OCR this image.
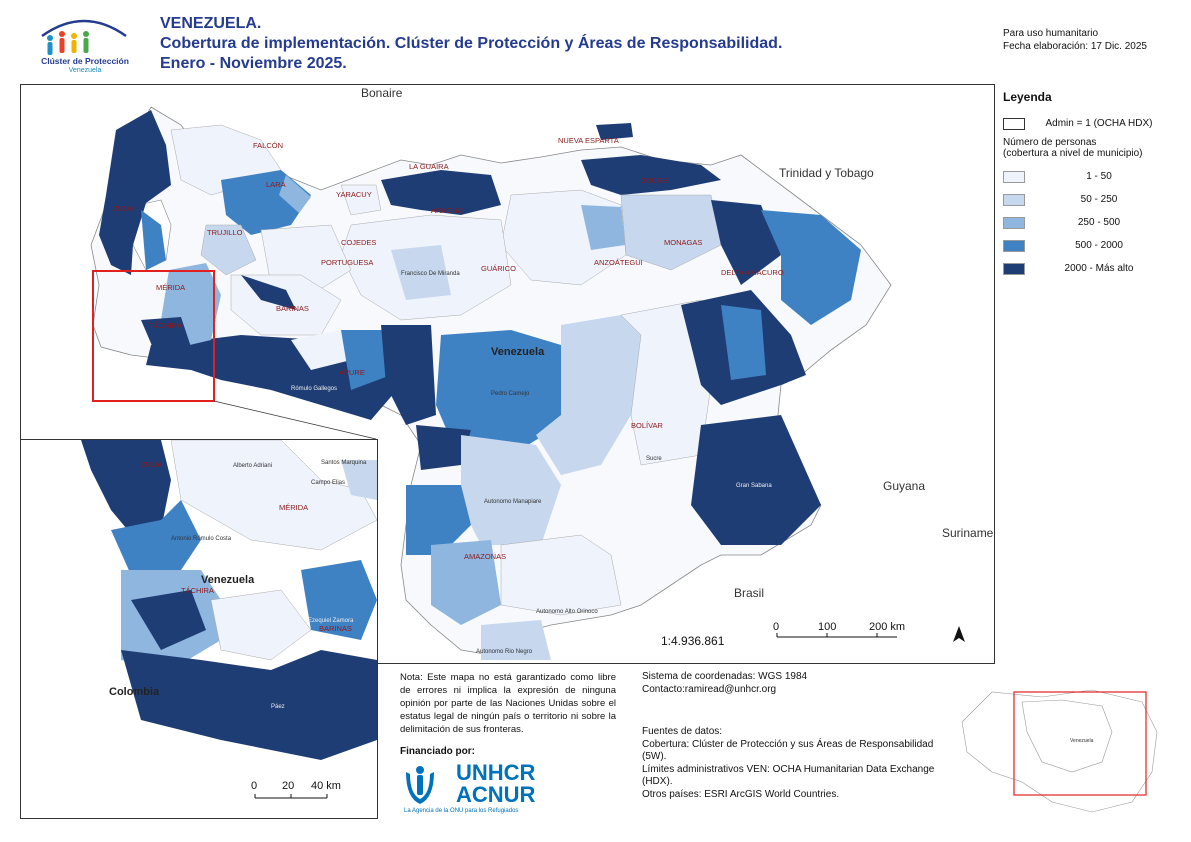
Clúster de Protección
Venezuela
VENEZUELA.
Cobertura de implementación. Clúster de Protección y Áreas de Responsabilidad.
Enero - Noviembre 2025.
Para uso humanitario
Fecha elaboración: 17 Dic. 2025
Bonaire
Trinidad y Tobago
Venezuela
Guyana
Suriname
Brasil
FALCÓN
LARA
YARACUY
ARAGUA
LA GUAIRA
NUEVA ESPARTA
SUCRE
ANZOÁTEGUI
MONAGAS
DELTA AMACURO
TRUJILLO
PORTUGUESA
COJEDES
GUÁRICO
BARINAS
MÉRIDA
TÁCHIRA
APURE
BOLÍVAR
AMAZONAS
ZULIA
Francisco De Miranda
Pedro Camejo
Gran Sabana
Autonomo Manapiare
Autonomo Alto Orinoco
Autonomo Rio Negro
Rómulo Gallegos
Sucre
1:4.936.861
0	100	200 km
Venezuela
Colombia
MÉRIDA
TÁCHIRA
BARINAS
ZULIA	Alberto Adriani	Santos Marquina
Campo Elias
Antonio Rómulo Costa
Ezequiel Zamora
Páez
0 20 40 km
Leyenda
Admin = 1 (OCHA HDX)
Número de personas
(cobertura a nivel de municipio)
1 - 50
50 - 250
250 - 500
500 - 2000
2000 - Más alto
Nota: Este mapa no está garantizado como libre de errores ni implica la expresión de ninguna opinión por parte de las Naciones Unidas sobre el estatus legal de ningún país o territorio ni sobre la delimitación de sus fronteras.
Financiado por:
UNHCR
ACNUR
La Agencia de la ONU para los Refugiados
Sistema de coordenadas: WGS 1984
Contacto:ramiread@unhcr.org
Fuentes de datos:
Cobertura: Clúster de Protección y sus Áreas de Responsabilidad
(5W).
Límites administrativos VEN: OCHA Humanitarian Data Exchange
(HDX).
Otros países: ESRI ArcGIS World Countries.
Venezuela
